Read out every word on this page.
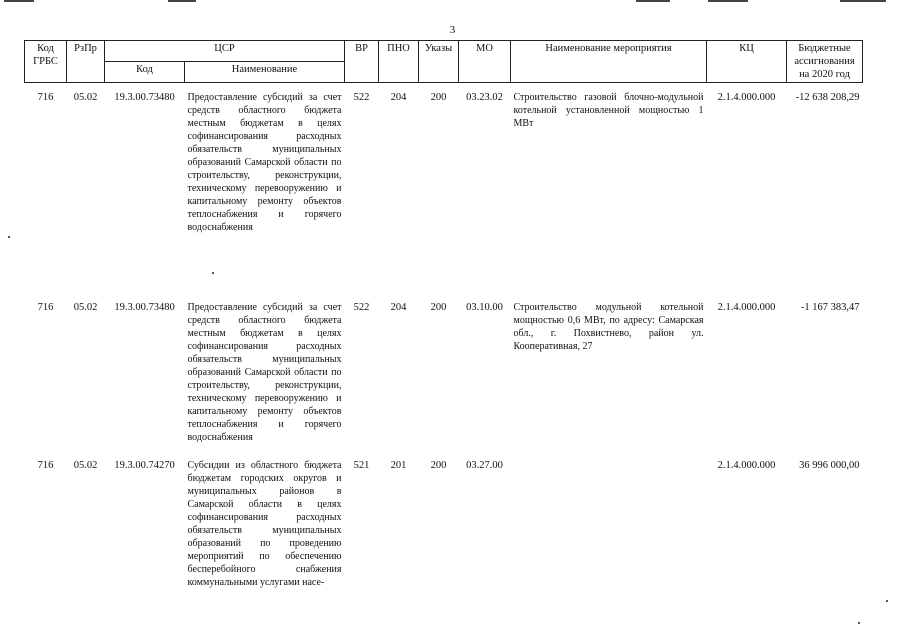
3
Код ГРБС	РзПр	ЦСР		ВР	ПНО	Указы	МО	Наименование мероприятия	КЦ	Бюджетные ассигнования на 2020 год
		Код	Наименование							
716	05.02	19.3.00.73480	Предоставление субсидий за счет средств областного бюджета местным бюджетам в целях софинансирования расходных обязательств муниципальных образований Самарской области по строительству, реконструкции, техническому перевооружению и капитальному ремонту объектов теплоснабжения и горячего водоснабжения	522	204	200	03.23.02	Строительство газовой блочно-модульной котельной установленной мощностью 1 МВт	2.1.4.000.000	-12 638 208,29
716	05.02	19.3.00.73480	Предоставление субсидий за счет средств областного бюджета местным бюджетам в целях софинансирования расходных обязательств муниципальных образований Самарской области по строительству, реконструкции, техническому перевооружению и капитальному ремонту объектов теплоснабжения и горячего водоснабжения	522	204	200	03.10.00	Строительство модульной котельной мощностью 0,6 МВт, по адресу: Самарская обл., г. Похвистнево, район ул. Кооперативная, 27	2.1.4.000.000	-1 167 383,47
716	05.02	19.3.00.74270	Субсидии из областного бюджета бюджетам городских округов и муниципальных районов в Самарской области в целях софинансирования расходных обязательств муниципальных образований по проведению мероприятий по обеспечению бесперебойного снабжения коммунальными услугами насе-	521	201	200	03.27.00		2.1.4.000.000	36 996 000,00
